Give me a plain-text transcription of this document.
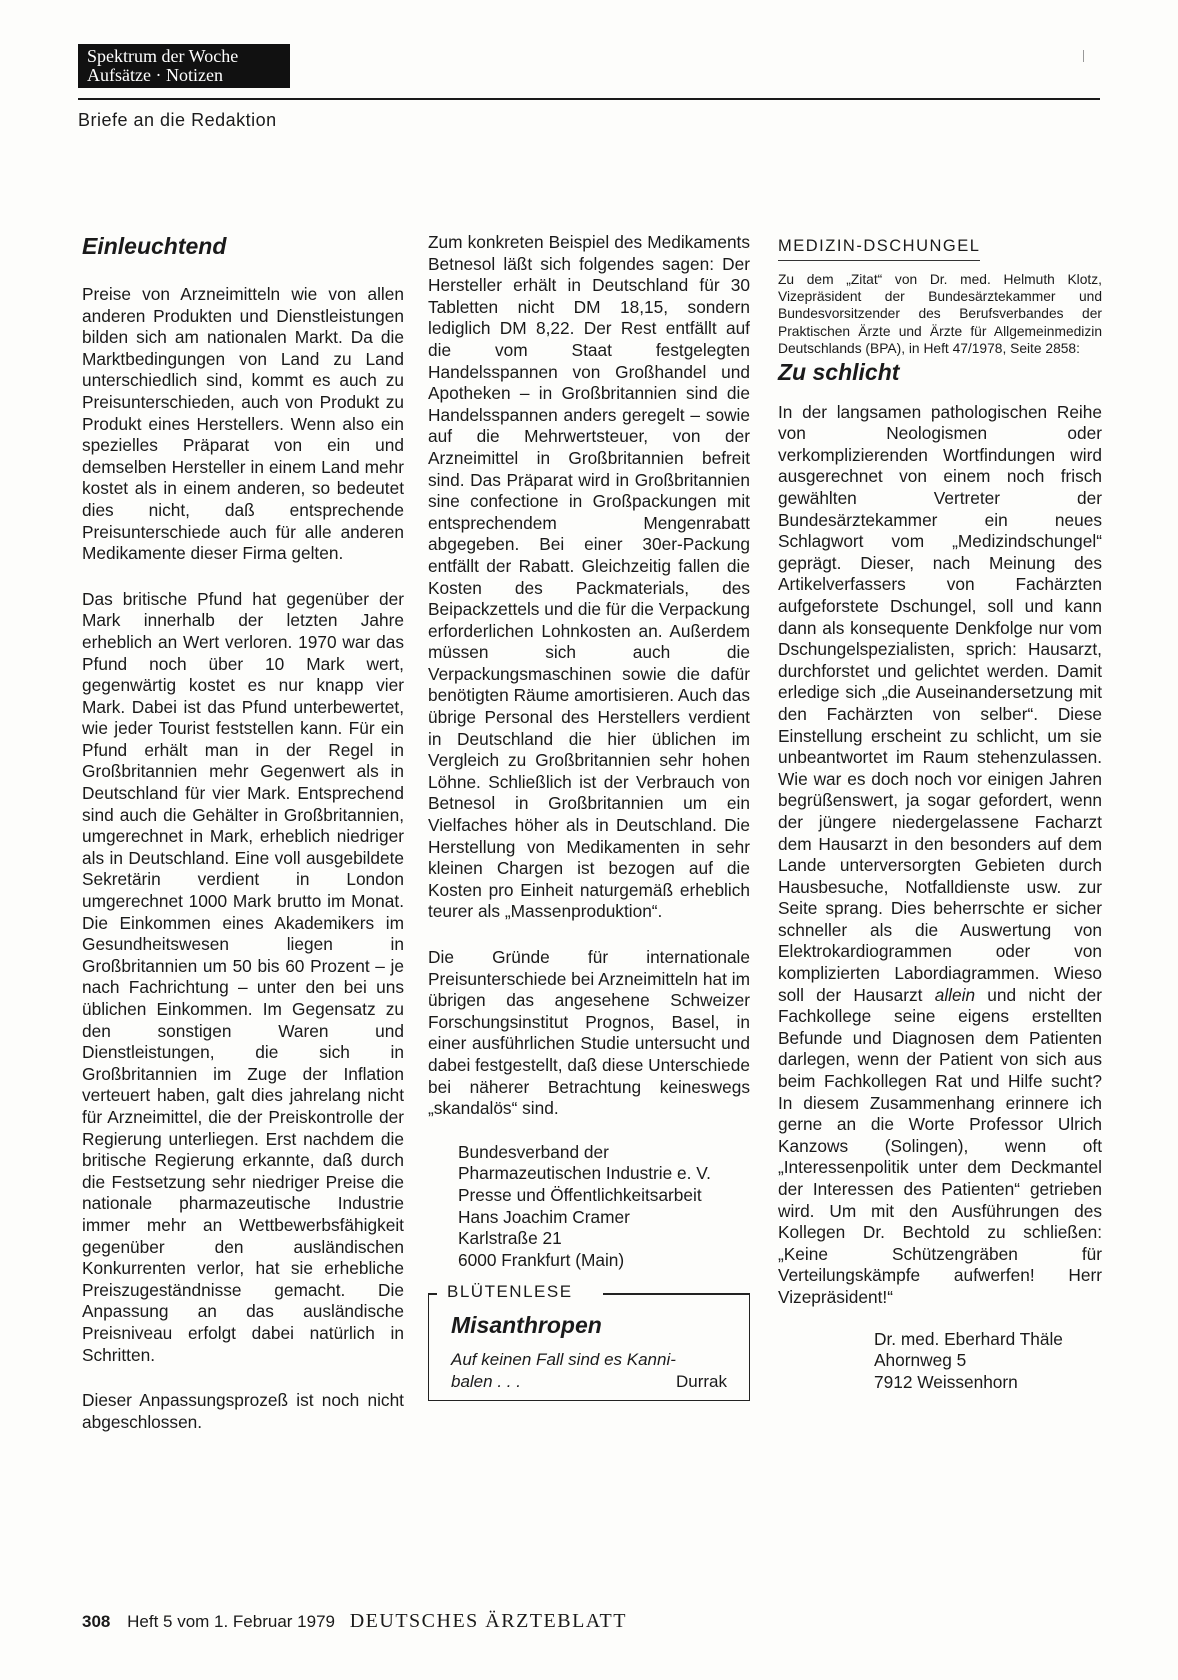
Spektrum der Woche
Aufsätze · Notizen
Briefe an die Redaktion
Einleuchtend

Preise von Arzneimitteln wie von allen anderen Produkten und Dienstleistungen bilden sich am nationalen Markt. Da die Marktbedingungen von Land zu Land unterschiedlich sind, kommt es auch zu Preisunterschieden, auch von Produkt zu Produkt eines Herstellers. Wenn also ein spezielles Präparat von ein und demselben Hersteller in einem Land mehr kostet als in einem anderen, so bedeutet dies nicht, daß entsprechende Preisunterschiede auch für alle anderen Medikamente dieser Firma gelten.

Das britische Pfund hat gegenüber der Mark innerhalb der letzten Jahre erheblich an Wert verloren. 1970 war das Pfund noch über 10 Mark wert, gegenwärtig kostet es nur knapp vier Mark. Dabei ist das Pfund unterbewertet, wie jeder Tourist feststellen kann. Für ein Pfund erhält man in der Regel in Großbritannien mehr Gegenwert als in Deutschland für vier Mark. Entsprechend sind auch die Gehälter in Großbritannien, umgerechnet in Mark, erheblich niedriger als in Deutschland. Eine voll ausgebildete Sekretärin verdient in London umgerechnet 1000 Mark brutto im Monat. Die Einkommen eines Akademikers im Gesundheitswesen liegen in Großbritannien um 50 bis 60 Prozent – je nach Fachrichtung – unter den bei uns üblichen Einkommen. Im Gegensatz zu den sonstigen Waren und Dienstleistungen, die sich in Großbritannien im Zuge der Inflation verteuert haben, galt dies jahrelang nicht für Arzneimittel, die der Preiskontrolle der Regierung unterliegen. Erst nachdem die britische Regierung erkannte, daß durch die Festsetzung sehr niedriger Preise die nationale pharmazeutische Industrie immer mehr an Wettbewerbsfähigkeit gegenüber den ausländischen Konkurrenten verlor, hat sie erhebliche Preiszugeständnisse gemacht. Die Anpassung an das ausländische Preisniveau erfolgt dabei natürlich in Schritten.

Dieser Anpassungsprozeß ist noch nicht abgeschlossen.

Zum konkreten Beispiel des Medikaments Betnesol läßt sich folgendes sagen: Der Hersteller erhält in Deutschland für 30 Tabletten nicht DM 18,15, sondern lediglich DM 8,22. Der Rest entfällt auf die vom Staat festgelegten Handelsspannen von Großhandel und Apotheken – in Großbritannien sind die Handelsspannen anders geregelt – sowie auf die Mehrwertsteuer, von der Arzneimittel in Großbritannien befreit sind. Das Präparat wird in Großbritannien sine confectione in Großpackungen mit entsprechendem Mengenrabatt abgegeben. Bei einer 30er-Packung entfällt der Rabatt. Gleichzeitig fallen die Kosten des Packmaterials, des Beipackzettels und die für die Verpackung erforderlichen Lohnkosten an. Außerdem müssen sich auch die Verpackungsmaschinen sowie die dafür benötigten Räume amortisieren. Auch das übrige Personal des Herstellers verdient in Deutschland die hier üblichen im Vergleich zu Großbritannien sehr hohen Löhne. Schließlich ist der Verbrauch von Betnesol in Großbritannien um ein Vielfaches höher als in Deutschland. Die Herstellung von Medikamenten in sehr kleinen Chargen ist bezogen auf die Kosten pro Einheit naturgemäß erheblich teurer als „Massenproduktion“.

Die Gründe für internationale Preisunterschiede bei Arzneimitteln hat im übrigen das angesehene Schweizer Forschungsinstitut Prognos, Basel, in einer ausführlichen Studie untersucht und dabei festgestellt, daß diese Unterschiede bei näherer Betrachtung keineswegs „skandalös“ sind.

Bundesverband der
Pharmazeutischen Industrie e. V.
Presse und Öffentlichkeitsarbeit
Hans Joachim Cramer
Karlstraße 21
6000 Frankfurt (Main)
BLÜTENLESE
Misanthropen
Auf keinen Fall sind es Kanni-
balen . . .	Durrak
MEDIZIN-DSCHUNGEL

Zu dem „Zitat“ von Dr. med. Helmuth Klotz, Vizepräsident der Bundesärztekammer und Bundesvorsitzender des Berufsverbandes der Praktischen Ärzte und Ärzte für Allgemeinmedizin Deutschlands (BPA), in Heft 47/1978, Seite 2858:

Zu schlicht

In der langsamen pathologischen Reihe von Neologismen oder verkomplizierenden Wortfindungen wird ausgerechnet von einem noch frisch gewählten Vertreter der Bundesärztekammer ein neues Schlagwort vom „Medizindschungel“ geprägt. Dieser, nach Meinung des Artikelverfassers von Fachärzten aufgeforstete Dschungel, soll und kann dann als konsequente Denkfolge nur vom Dschungelspezialisten, sprich: Hausarzt, durchforstet und gelichtet werden. Damit erledige sich „die Auseinandersetzung mit den Fachärzten von selber“. Diese Einstellung erscheint zu schlicht, um sie unbeantwortet im Raum stehenzulassen. Wie war es doch noch vor einigen Jahren begrüßenswert, ja sogar gefordert, wenn der jüngere niedergelassene Facharzt dem Hausarzt in den besonders auf dem Lande unterversorgten Gebieten durch Hausbesuche, Notfalldienste usw. zur Seite sprang. Dies beherrschte er sicher schneller als die Auswertung von Elektrokardiogrammen oder von komplizierten Labordiagrammen. Wieso soll der Hausarzt allein und nicht der Fachkollege seine eigens erstellten Befunde und Diagnosen dem Patienten darlegen, wenn der Patient von sich aus beim Fachkollegen Rat und Hilfe sucht? In diesem Zusammenhang erinnere ich gerne an die Worte Professor Ulrich Kanzows (Solingen), wenn oft „Interessenpolitik unter dem Deckmantel der Interessen des Patienten“ getrieben wird. Um mit den Ausführungen des Kollegen Dr. Bechtold zu schließen: „Keine Schützengräben für Verteilungskämpfe aufwerfen! Herr Vizepräsident!“

Dr. med. Eberhard Thäle
Ahornweg 5
7912 Weissenhorn
308 Heft 5 vom 1. Februar 1979 DEUTSCHES ÄRZTEBLATT
